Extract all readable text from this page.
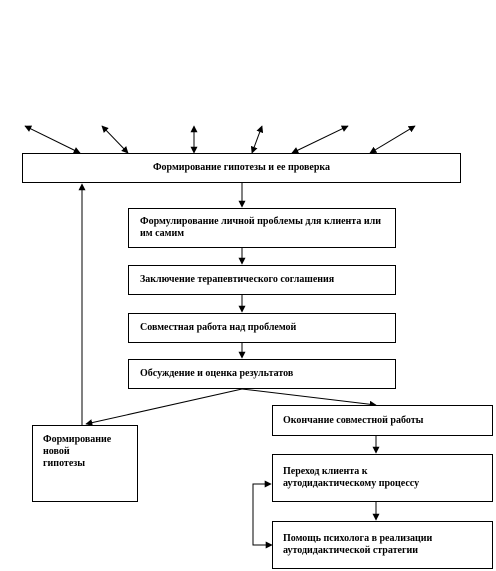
Формирование гипотезы и ее проверка
Формулирование личной проблемы для клиента или им самим
Заключение терапевтического соглашения
Совместная работа над проблемой
Обсуждение и оценка результатов
Формирование новой гипотезы
Окончание совместной работы
Переход клиента к аутодидактическому процессу
Помощь психолога в реализации аутодидактической стратегии
